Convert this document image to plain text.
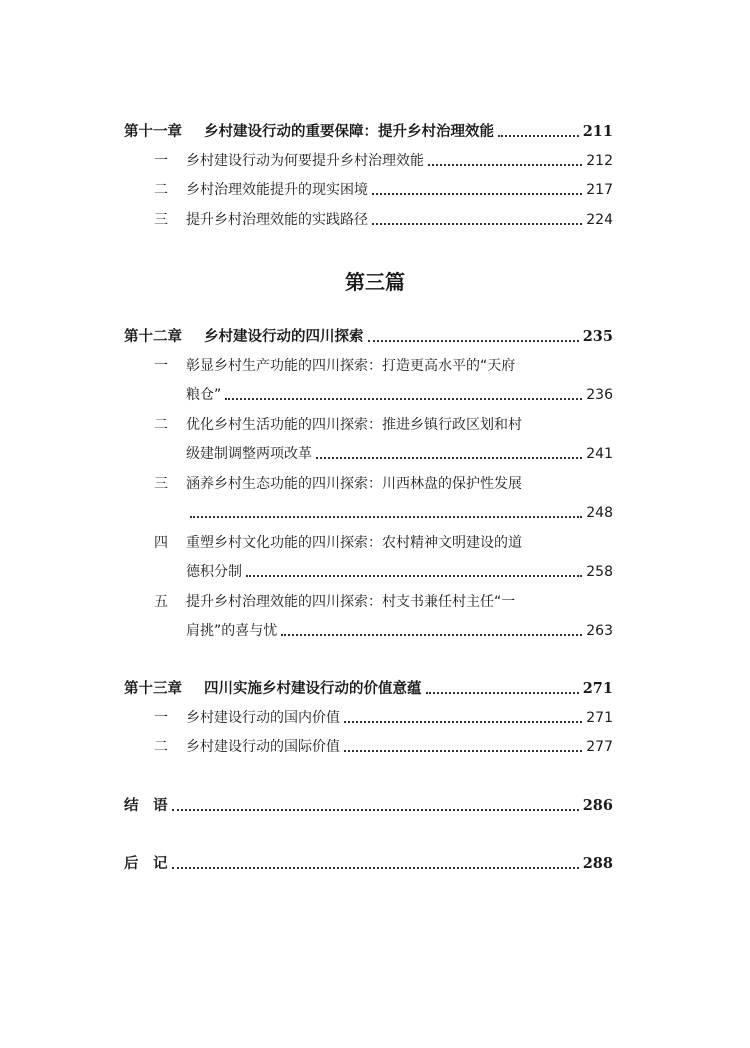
第十一章 乡村建设行动的重要保障：提升乡村治理效能	211
一	乡村建设行动为何要提升乡村治理效能	212
二	乡村治理效能提升的现实困境	217
三	提升乡村治理效能的实践路径	224
第三篇
第十二章 乡村建设行动的四川探索	235
一	彰显乡村生产功能的四川探索：打造更高水平的“天府
粮仓”	236
二	优化乡村生活功能的四川探索：推进乡镇行政区划和村
级建制调整两项改革	241
三	涵养乡村生态功能的四川探索：川西林盘的保护性发展
248
四	重塑乡村文化功能的四川探索：农村精神文明建设的道
德积分制	258
五	提升乡村治理效能的四川探索：村支书兼任村主任“一
肩挑”的喜与忧	263
第十三章 四川实施乡村建设行动的价值意蕴	271
一	乡村建设行动的国内价值	271
二	乡村建设行动的国际价值	277
结　语	286
后　记	288
